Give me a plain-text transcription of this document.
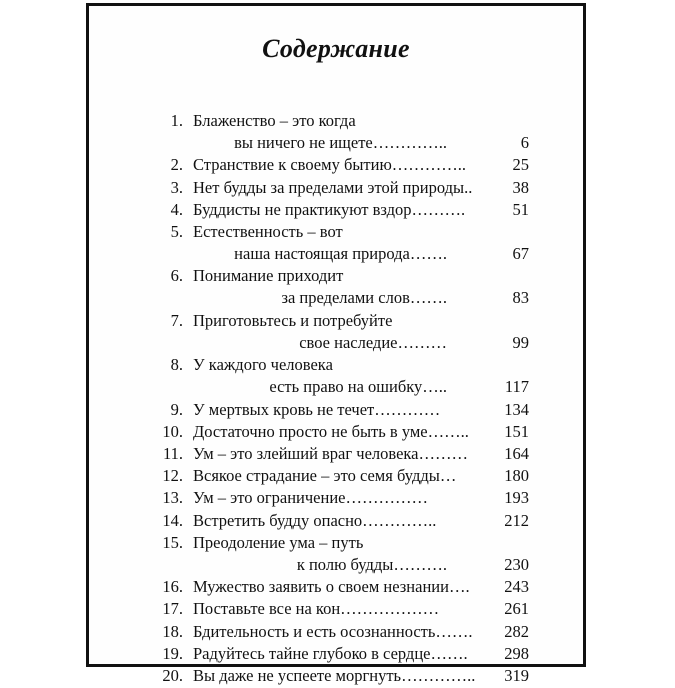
Содержание
1. Блаженство – это когда
вы ничего не ищете…………..	6
2. Странствие к своему бытию…………..	25
3. Нет будды за пределами этой природы..	38
4. Буддисты не практикуют вздор……….	51
5. Естественность – вот
наша настоящая природа…….	67
6. Понимание приходит
за пределами слов…….	83
7. Приготовьтесь и потребуйте
свое наследие………	99
8. У каждого человека
есть право на ошибку…..	117
9. У мертвых кровь не течет…………	134
10. Достаточно просто не быть в уме……..	151
11. Ум – это злейший враг человека………	164
12. Всякое страдание – это семя будды…	180
13. Ум – это ограничение……………	193
14. Встретить будду опасно…………..	212
15. Преодоление ума – путь
к полю будды……….	230
16. Мужество заявить о своем незнании….	243
17. Поставьте все на кон………………	261
18. Бдительность и есть осознанность…….	282
19. Радуйтесь тайне глубоко в сердце…….	298
20. Вы даже не успеете моргнуть…………..	319
